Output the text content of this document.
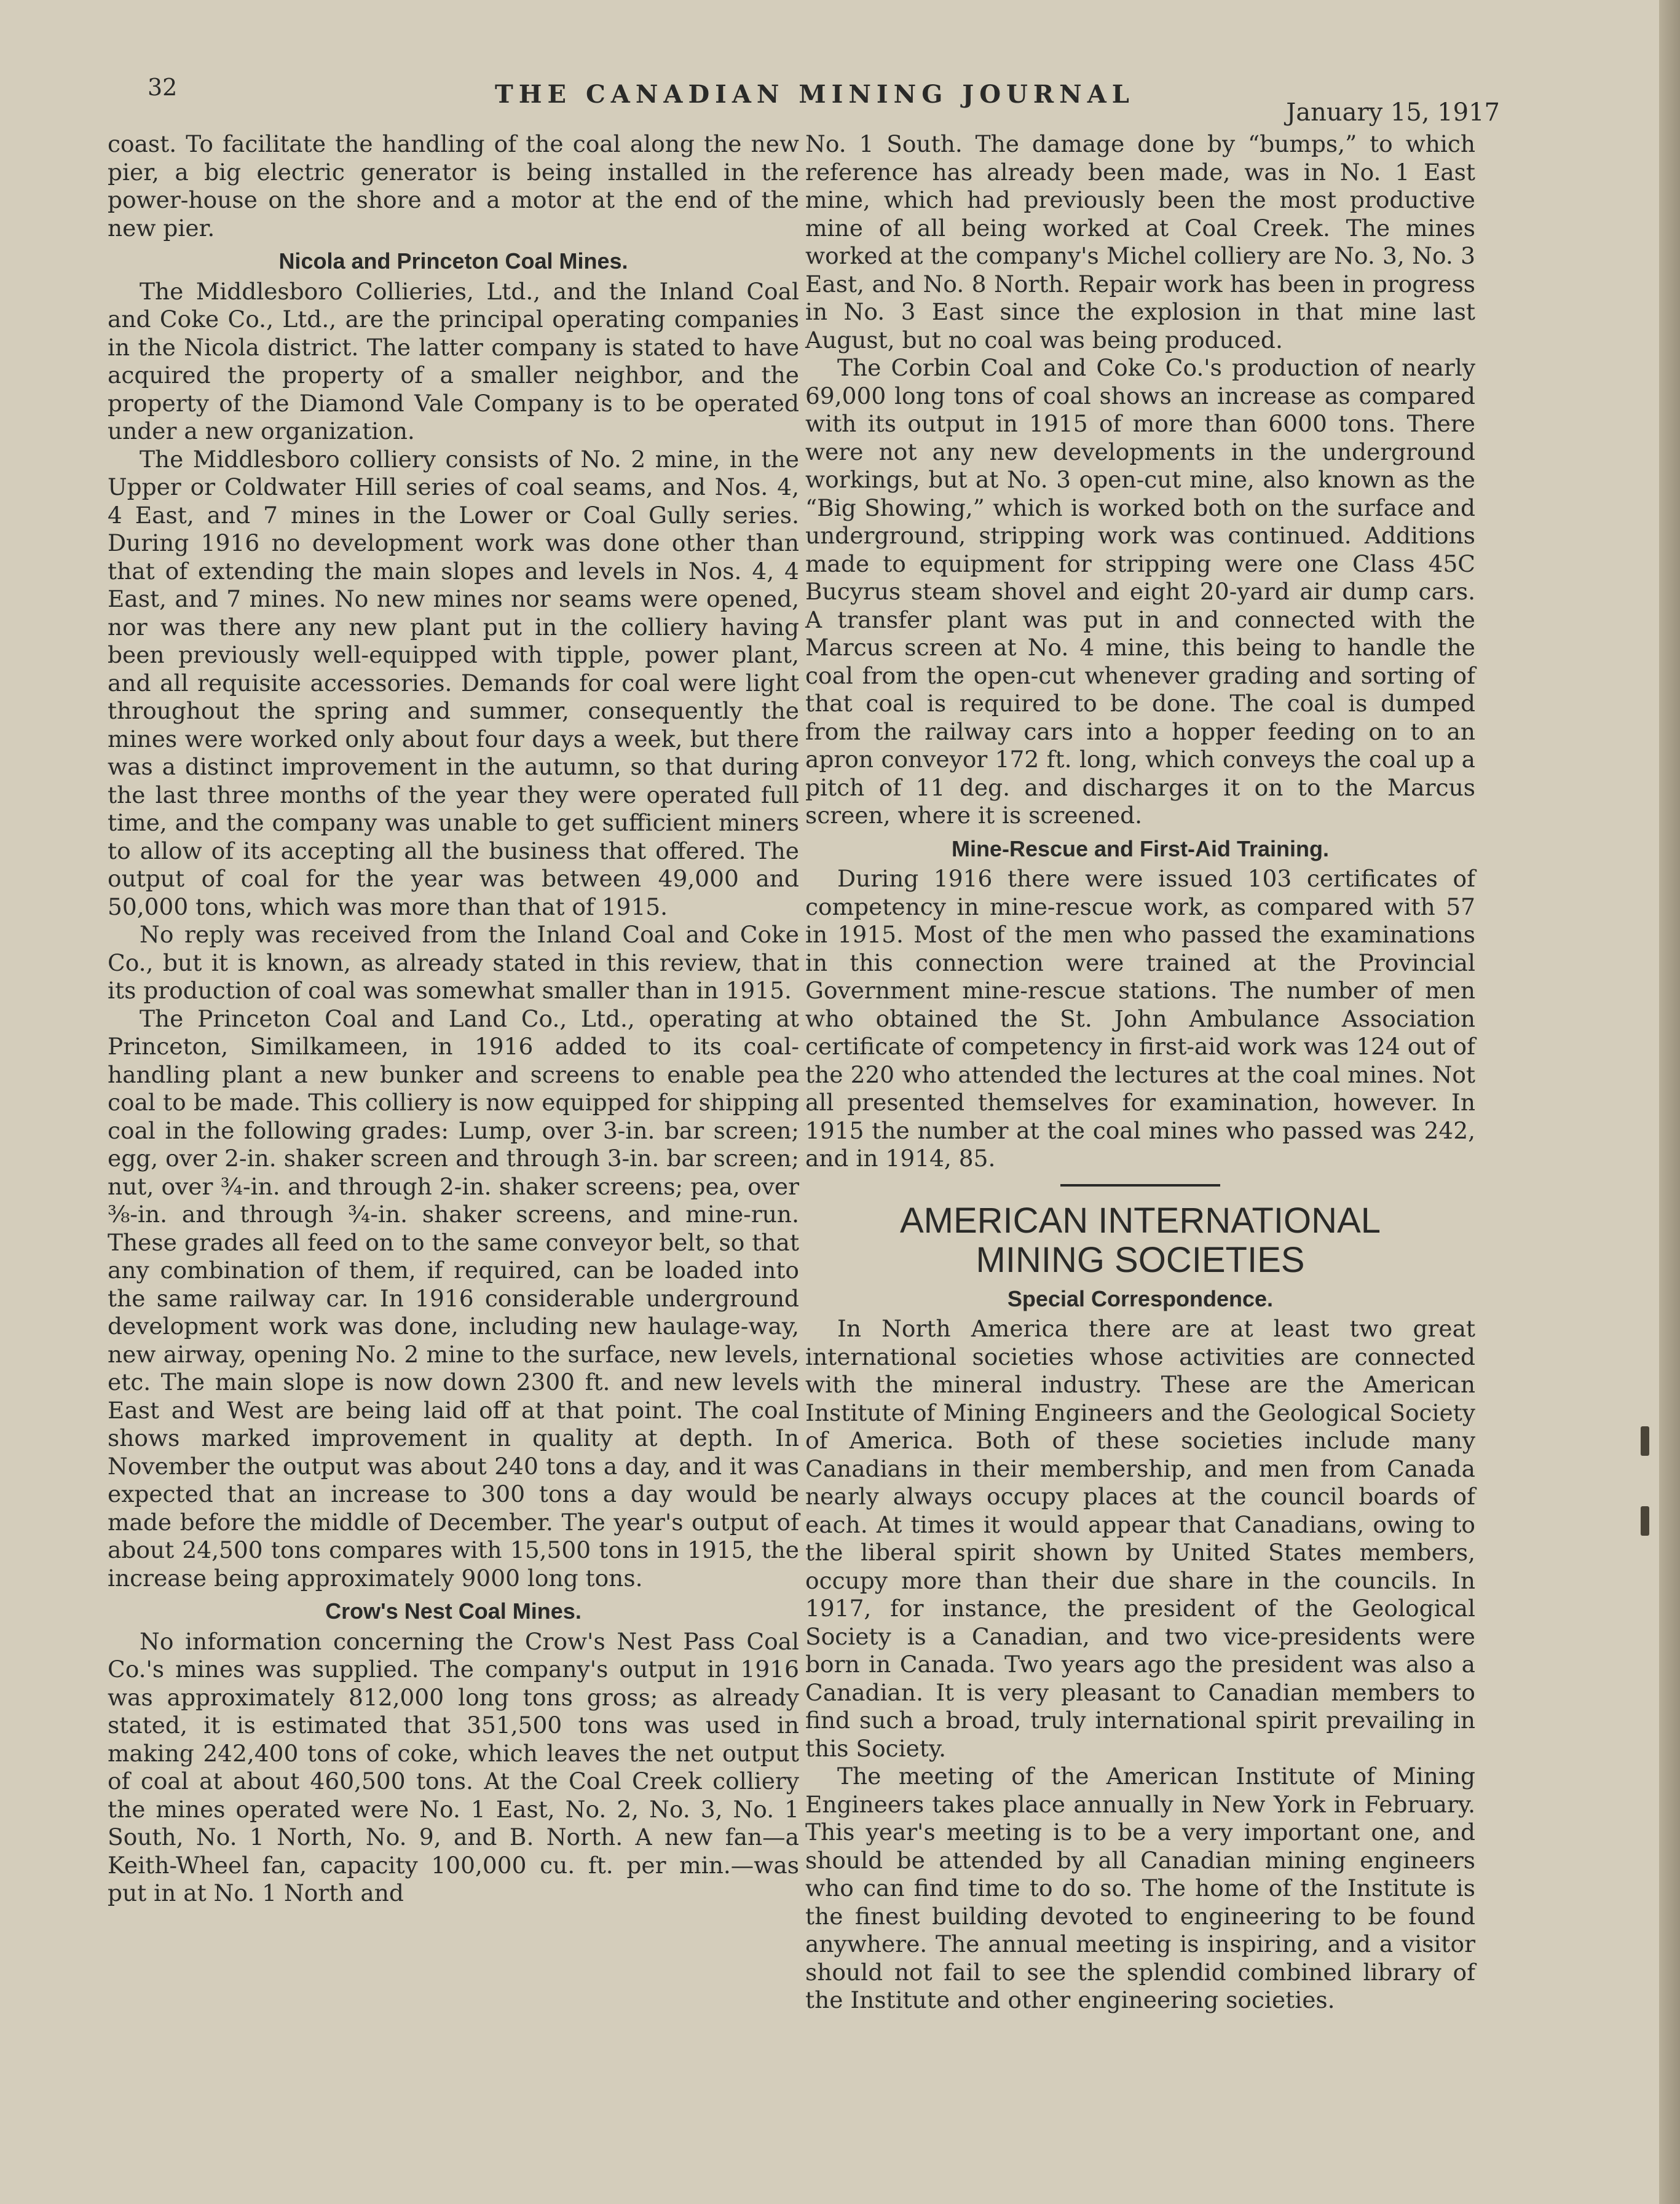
32	THE CANADIAN MINING JOURNAL
January 15, 1917

coast. To facilitate the handling of the coal along the new pier, a big electric generator is being installed in the power-house on the shore and a motor at the end of the new pier.

Nicola and Princeton Coal Mines.

The Middlesboro Collieries, Ltd., and the Inland Coal and Coke Co., Ltd., are the principal operating companies in the Nicola district. The latter company is stated to have acquired the property of a smaller neighbor, and the property of the Diamond Vale Company is to be operated under a new organization.

The Middlesboro colliery consists of No. 2 mine, in the Upper or Coldwater Hill series of coal seams, and Nos. 4, 4 East, and 7 mines in the Lower or Coal Gully series. During 1916 no development work was done other than that of extending the main slopes and levels in Nos. 4, 4 East, and 7 mines. No new mines nor seams were opened, nor was there any new plant put in the colliery having been previously well-equipped with tipple, power plant, and all requisite accessories. Demands for coal were light throughout the spring and summer, consequently the mines were worked only about four days a week, but there was a distinct improvement in the autumn, so that during the last three months of the year they were operated full time, and the company was unable to get sufficient miners to allow of its accepting all the business that offered. The output of coal for the year was between 49,000 and 50,000 tons, which was more than that of 1915.

No reply was received from the Inland Coal and Coke Co., but it is known, as already stated in this review, that its production of coal was somewhat smaller than in 1915.

The Princeton Coal and Land Co., Ltd., operating at Princeton, Similkameen, in 1916 added to its coal-handling plant a new bunker and screens to enable pea coal to be made. This colliery is now equipped for shipping coal in the following grades: Lump, over 3-in. bar screen; egg, over 2-in. shaker screen and through 3-in. bar screen; nut, over ¾-in. and through 2-in. shaker screens; pea, over ⅜-in. and through ¾-in. shaker screens, and mine-run. These grades all feed on to the same conveyor belt, so that any combination of them, if required, can be loaded into the same railway car. In 1916 considerable underground development work was done, including new haulage-way, new airway, opening No. 2 mine to the surface, new levels, etc. The main slope is now down 2300 ft. and new levels East and West are being laid off at that point. The coal shows marked improvement in quality at depth. In November the output was about 240 tons a day, and it was expected that an increase to 300 tons a day would be made before the middle of December. The year's output of about 24,500 tons compares with 15,500 tons in 1915, the increase being approximately 9000 long tons.

Crow's Nest Coal Mines.

No information concerning the Crow's Nest Pass Coal Co.'s mines was supplied. The company's output in 1916 was approximately 812,000 long tons gross; as already stated, it is estimated that 351,500 tons was used in making 242,400 tons of coke, which leaves the net output of coal at about 460,500 tons. At the Coal Creek colliery the mines operated were No. 1 East, No. 2, No. 3, No. 1 South, No. 1 North, No. 9, and B. North. A new fan—a Keith-Wheel fan, capacity 100,000 cu. ft. per min.—was put in at No. 1 North and

No. 1 South. The damage done by “bumps,” to which reference has already been made, was in No. 1 East mine, which had previously been the most productive mine of all being worked at Coal Creek. The mines worked at the company's Michel colliery are No. 3, No. 3 East, and No. 8 North. Repair work has been in progress in No. 3 East since the explosion in that mine last August, but no coal was being produced.

The Corbin Coal and Coke Co.'s production of nearly 69,000 long tons of coal shows an increase as compared with its output in 1915 of more than 6000 tons. There were not any new developments in the underground workings, but at No. 3 open-cut mine, also known as the “Big Showing,” which is worked both on the surface and underground, stripping work was continued. Additions made to equipment for stripping were one Class 45C Bucyrus steam shovel and eight 20-yard air dump cars. A transfer plant was put in and connected with the Marcus screen at No. 4 mine, this being to handle the coal from the open-cut whenever grading and sorting of that coal is required to be done. The coal is dumped from the railway cars into a hopper feeding on to an apron conveyor 172 ft. long, which conveys the coal up a pitch of 11 deg. and discharges it on to the Marcus screen, where it is screened.

Mine-Rescue and First-Aid Training.

During 1916 there were issued 103 certificates of competency in mine-rescue work, as compared with 57 in 1915. Most of the men who passed the examinations in this connection were trained at the Provincial Government mine-rescue stations. The number of men who obtained the St. John Ambulance Association certificate of competency in first-aid work was 124 out of the 220 who attended the lectures at the coal mines. Not all presented themselves for examination, however. In 1915 the number at the coal mines who passed was 242, and in 1914, 85.

AMERICAN INTERNATIONAL
MINING SOCIETIES
Special Correspondence.

In North America there are at least two great international societies whose activities are connected with the mineral industry. These are the American Institute of Mining Engineers and the Geological Society of America. Both of these societies include many Canadians in their membership, and men from Canada nearly always occupy places at the council boards of each. At times it would appear that Canadians, owing to the liberal spirit shown by United States members, occupy more than their due share in the councils. In 1917, for instance, the president of the Geological Society is a Canadian, and two vice-presidents were born in Canada. Two years ago the president was also a Canadian. It is very pleasant to Canadian members to find such a broad, truly international spirit prevailing in this Society.

The meeting of the American Institute of Mining Engineers takes place annually in New York in February. This year's meeting is to be a very important one, and should be attended by all Canadian mining engineers who can find time to do so. The home of the Institute is the finest building devoted to engineering to be found anywhere. The annual meeting is inspiring, and a visitor should not fail to see the splendid combined library of the Institute and other engineering societies.
